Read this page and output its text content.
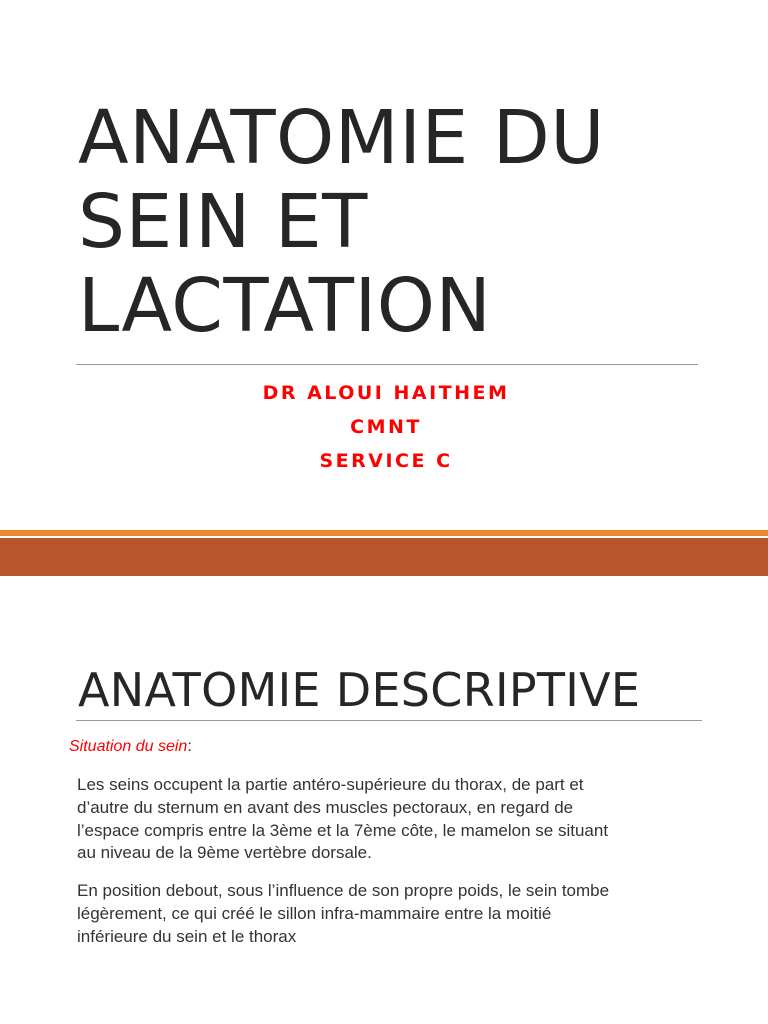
ANATOMIE DU
SEIN ET
LACTATION
DR ALOUI HAITHEM
CMNT
SERVICE C
ANATOMIE DESCRIPTIVE
Situation du sein:

Les seins occupent la partie antéro-supérieure du thorax, de part et
d’autre du sternum en avant des muscles pectoraux, en regard de
l’espace compris entre la 3ème et la 7ème côte, le mamelon se situant
au niveau de la 9ème vertèbre dorsale.

En position debout, sous l’influence de son propre poids, le sein tombe
légèrement, ce qui créé le sillon infra-mammaire entre la moitié
inférieure du sein et le thorax
